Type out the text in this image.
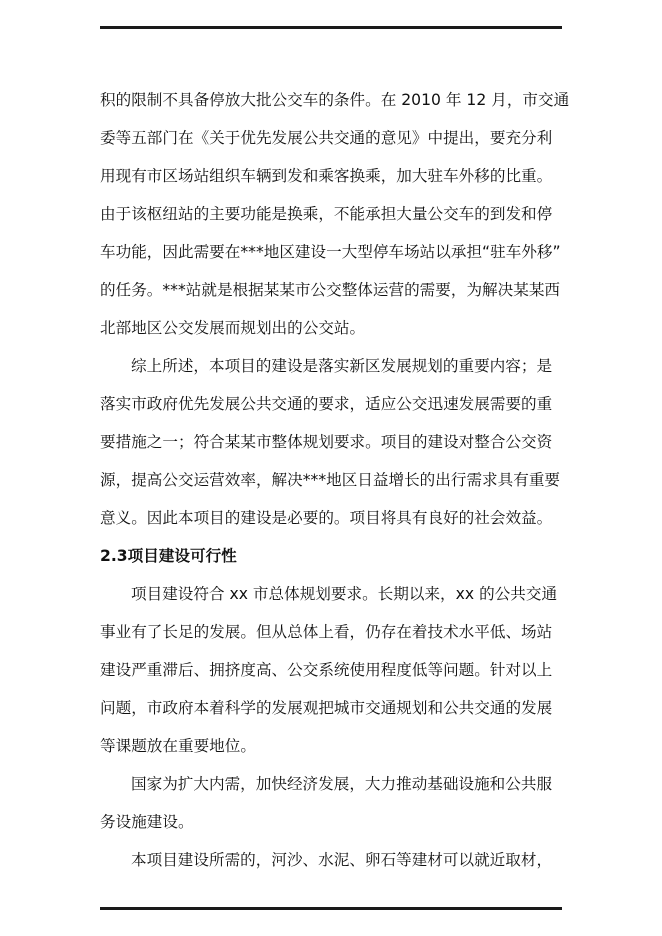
积的限制不具备停放大批公交车的条件。在 2010 年 12 月，市交通
委等五部门在《关于优先发展公共交通的意见》中提出，要充分利
用现有市区场站组织车辆到发和乘客换乘，加大驻车外移的比重。
由于该枢纽站的主要功能是换乘，不能承担大量公交车的到发和停
车功能，因此需要在***地区建设一大型停车场站以承担“驻车外移”
的任务。***站就是根据某某市公交整体运营的需要，为解决某某西
北部地区公交发展而规划出的公交站。
综上所述，本项目的建设是落实新区发展规划的重要内容；是
落实市政府优先发展公共交通的要求，适应公交迅速发展需要的重
要措施之一；符合某某市整体规划要求。项目的建设对整合公交资
源，提高公交运营效率，解决***地区日益增长的出行需求具有重要
意义。因此本项目的建设是必要的。项目将具有良好的社会效益。
2.3项目建设可行性
项目建设符合 xx 市总体规划要求。长期以来，xx 的公共交通
事业有了长足的发展。但从总体上看，仍存在着技术水平低、场站
建设严重滞后、拥挤度高、公交系统使用程度低等问题。针对以上
问题，市政府本着科学的发展观把城市交通规划和公共交通的发展
等课题放在重要地位。
国家为扩大内需，加快经济发展，大力推动基础设施和公共服
务设施建设。
本项目建设所需的，河沙、水泥、卵石等建材可以就近取材，
